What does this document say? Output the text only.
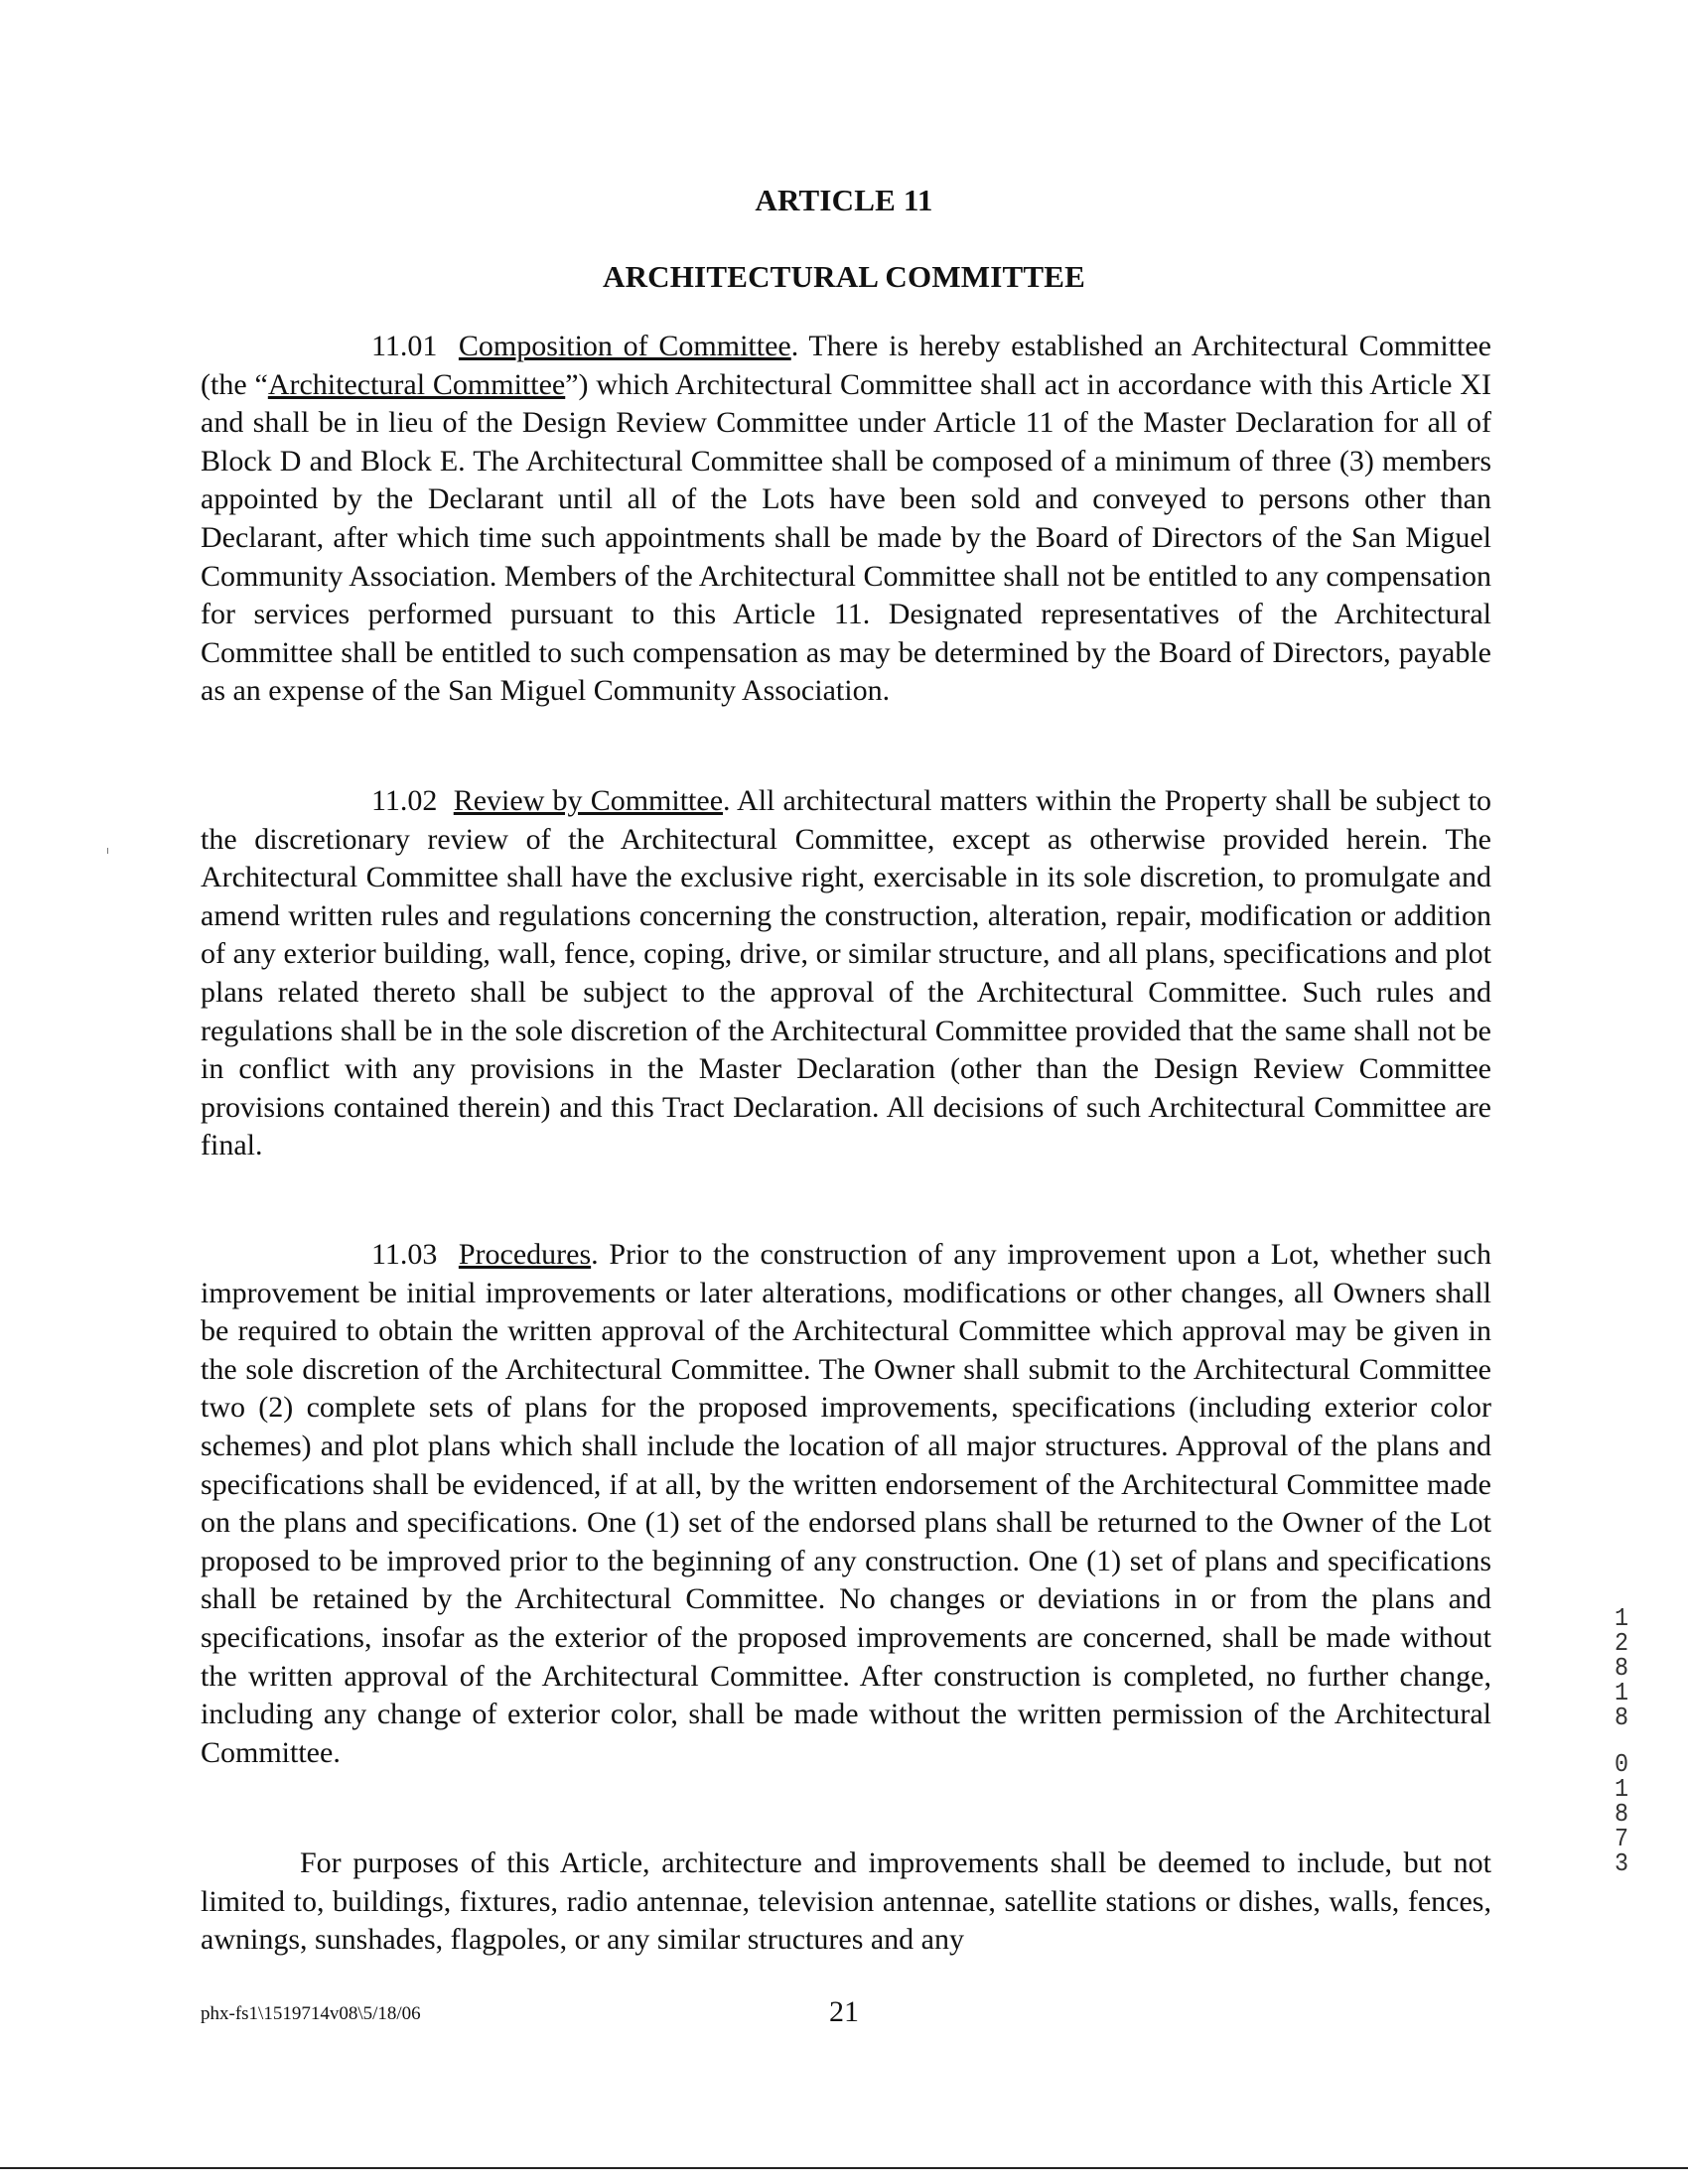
ARTICLE 11
ARCHITECTURAL COMMITTEE

11.01 Composition of Committee. There is hereby established an Architectural Committee (the “Architectural Committee”) which Architectural Committee shall act in accordance with this Article XI and shall be in lieu of the Design Review Committee under Article 11 of the Master Declaration for all of Block D and Block E. The Architectural Committee shall be composed of a minimum of three (3) members appointed by the Declarant until all of the Lots have been sold and conveyed to persons other than Declarant, after which time such appointments shall be made by the Board of Directors of the San Miguel Community Association. Members of the Architectural Committee shall not be entitled to any compensation for services performed pursuant to this Article 11. Designated representatives of the Architectural Committee shall be entitled to such compensation as may be determined by the Board of Directors, payable as an expense of the San Miguel Community Association.

11.02 Review by Committee. All architectural matters within the Property shall be subject to the discretionary review of the Architectural Committee, except as otherwise provided herein. The Architectural Committee shall have the exclusive right, exercisable in its sole discretion, to promulgate and amend written rules and regulations concerning the construction, alteration, repair, modification or addition of any exterior building, wall, fence, coping, drive, or similar structure, and all plans, specifications and plot plans related thereto shall be subject to the approval of the Architectural Committee. Such rules and regulations shall be in the sole discretion of the Architectural Committee provided that the same shall not be in conflict with any provisions in the Master Declaration (other than the Design Review Committee provisions contained therein) and this Tract Declaration. All decisions of such Architectural Committee are final.

11.03 Procedures. Prior to the construction of any improvement upon a Lot, whether such improvement be initial improvements or later alterations, modifications or other changes, all Owners shall be required to obtain the written approval of the Architectural Committee which approval may be given in the sole discretion of the Architectural Committee. The Owner shall submit to the Architectural Committee two (2) complete sets of plans for the proposed improvements, specifications (including exterior color schemes) and plot plans which shall include the location of all major structures. Approval of the plans and specifications shall be evidenced, if at all, by the written endorsement of the Architectural Committee made on the plans and specifications. One (1) set of the endorsed plans shall be returned to the Owner of the Lot proposed to be improved prior to the beginning of any construction. One (1) set of plans and specifications shall be retained by the Architectural Committee. No changes or deviations in or from the plans and specifications, insofar as the exterior of the proposed improvements are concerned, shall be made without the written approval of the Architectural Committee. After construction is completed, no further change, including any change of exterior color, shall be made without the written permission of the Architectural Committee.

For purposes of this Article, architecture and improvements shall be deemed to include, but not limited to, buildings, fixtures, radio antennae, television antennae, satellite stations or dishes, walls, fences, awnings, sunshades, flagpoles, or any similar structures and any

phx-fs1\1519714v08\5/18/06	21
1
2
8
1
8
0
1
8
7
3
